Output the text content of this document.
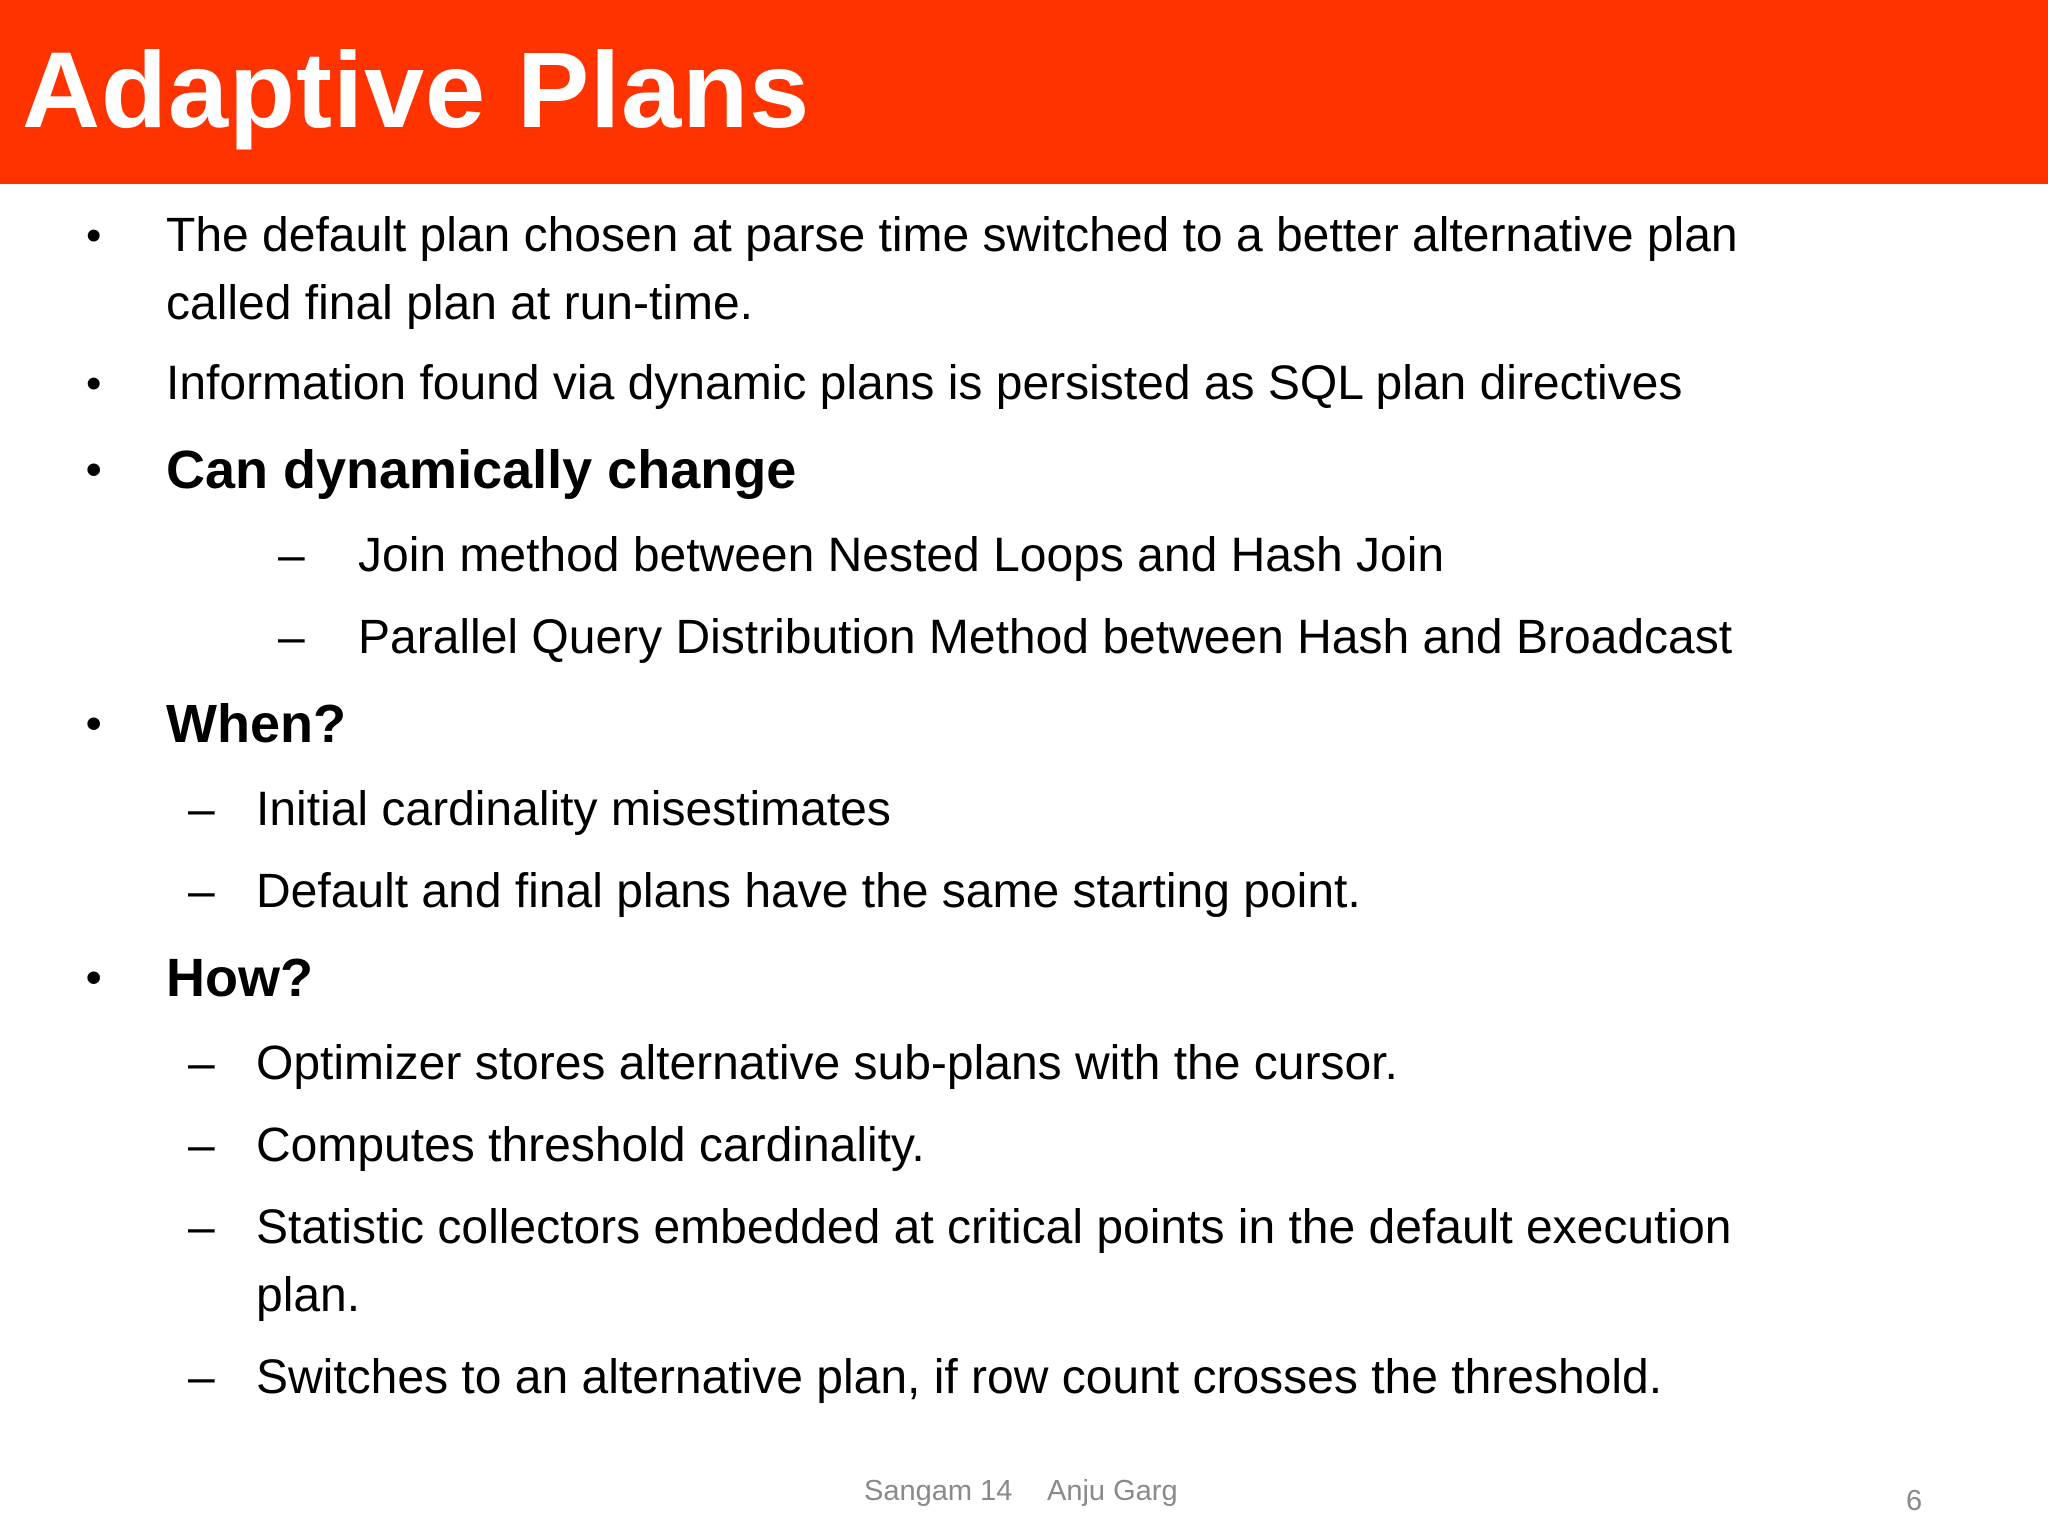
Adaptive Plans
• The default plan chosen at parse time switched to a better alternative plan
called final plan at run-time.
• Information found via dynamic plans is persisted as SQL plan directives
• Can dynamically change
– Join method between Nested Loops and Hash Join
– Parallel Query Distribution Method between Hash and Broadcast
• When?
– Initial cardinality misestimates
– Default and final plans have the same starting point.
• How?
– Optimizer stores alternative sub-plans with the cursor.
– Computes threshold cardinality.
– Statistic collectors embedded at critical points in the default execution
plan.
– Switches to an alternative plan, if row count crosses the threshold.
Sangam 14 Anju Garg	6
